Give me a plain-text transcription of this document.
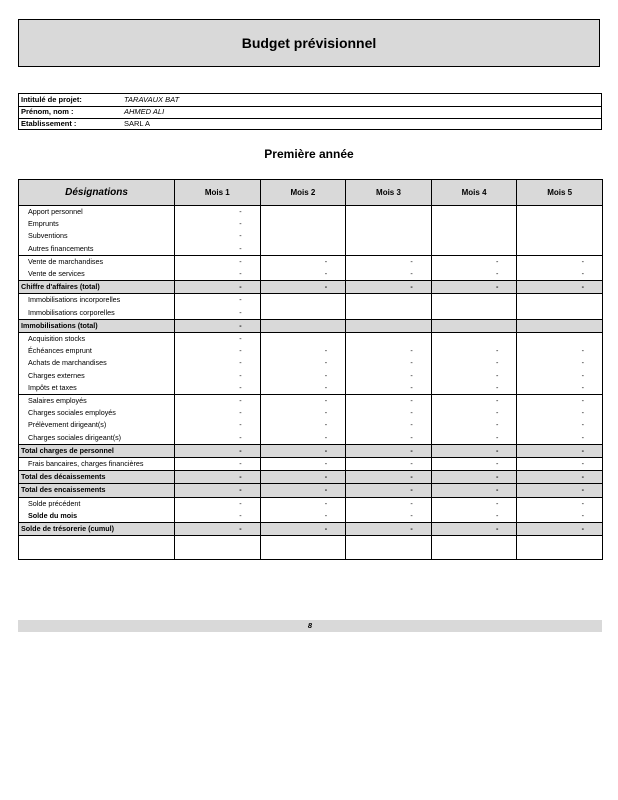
Budget prévisionnel
Intitulé de projet:	TARAVAUX BAT
Prénom, nom :	AHMED ALI
Etablissement :	SARL A
Première année
Désignations	Mois 1	Mois 2	Mois 3	Mois 4	Mois 5
Apport personnel	-				
Emprunts	-				
Subventions	-				
Autres financements	-				
Vente de marchandises	-	-	-	-	-
Vente de services	-	-	-	-	-
Chiffre d'affaires (total)	-	-	-	-	-
Immobilisations incorporelles	-				
Immobilisations corporelles	-				
Immobilisations (total)	-				
Acquisition stocks	-				
Échéances emprunt	-	-	-	-	-
Achats de marchandises	-	-	-	-	-
Charges externes	-	-	-	-	-
Impôts et taxes	-	-	-	-	-
Salaires employés	-	-	-	-	-
Charges sociales employés	-	-	-	-	-
Prélèvement dirigeant(s)	-	-	-	-	-
Charges sociales dirigeant(s)	-	-	-	-	-
Total charges de personnel	-	-	-	-	-
Frais bancaires, charges financières	-	-	-	-	-
Total des décaissements	-	-	-	-	-
Total des encaissements	-	-	-	-	-
Solde précédent	-	-	-	-	-
Solde du mois	-	-	-	-	-
Solde de trésorerie (cumul)	-	-	-	-	-

8
